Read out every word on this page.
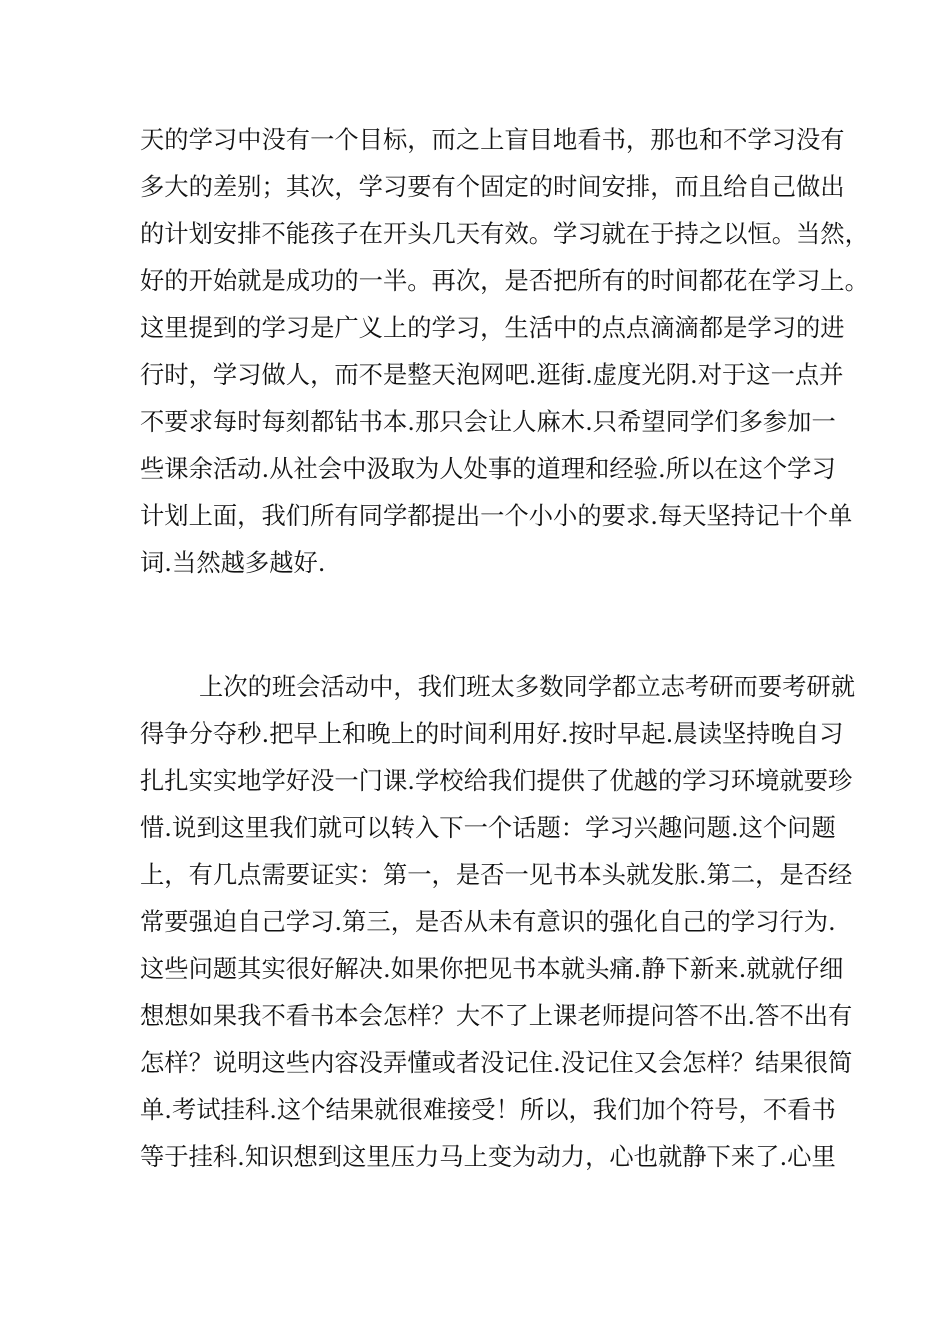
天的学习中没有一个目标，而之上盲目地看书，那也和不学习没有
多大的差别；其次，学习要有个固定的时间安排，而且给自己做出
的计划安排不能孩子在开头几天有效。学习就在于持之以恒。当然，
好的开始就是成功的一半。再次，是否把所有的时间都花在学习上。
这里提到的学习是广义上的学习，生活中的点点滴滴都是学习的进
行时，学习做人，而不是整天泡网吧.逛街.虚度光阴.对于这一点并
不要求每时每刻都钻书本.那只会让人麻木.只希望同学们多参加一
些课余活动.从社会中汲取为人处事的道理和经验.所以在这个学习
计划上面，我们所有同学都提出一个小小的要求.每天坚持记十个单
词.当然越多越好.
上次的班会活动中，我们班太多数同学都立志考研而要考研就
得争分夺秒.把早上和晚上的时间利用好.按时早起.晨读坚持晚自习
扎扎实实地学好没一门课.学校给我们提供了优越的学习环境就要珍
惜.说到这里我们就可以转入下一个话题：学习兴趣问题.这个问题
上，有几点需要证实：第一，是否一见书本头就发胀.第二，是否经
常要强迫自己学习.第三，是否从未有意识的强化自己的学习行为.
这些问题其实很好解决.如果你把见书本就头痛.静下新来.就就仔细
想想如果我不看书本会怎样？大不了上课老师提问答不出.答不出有
怎样？说明这些内容没弄懂或者没记住.没记住又会怎样？结果很简
单.考试挂科.这个结果就很难接受！所以，我们加个符号，不看书
等于挂科.知识想到这里压力马上变为动力，心也就静下来了.心里
